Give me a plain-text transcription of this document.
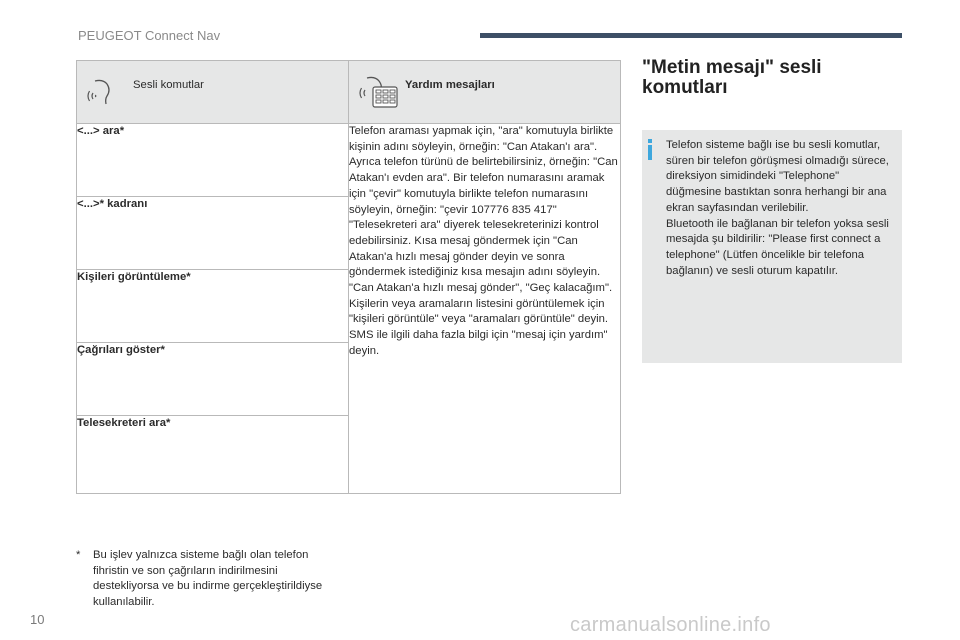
PEUGEOT Connect Nav
Sesli komutlar	Yardım mesajları

<...> ara*	Telefon araması yapmak için, "ara" komutuyla birlikte kişinin adını söyleyin, örneğin: "Can Atakan'ı ara". Ayrıca telefon türünü de belirtebilirsiniz, örneğin: "Can Atakan'ı evden ara". Bir telefon numarasını aramak için "çevir" komutuyla birlikte telefon numarasını söyleyin, örneğin: "çevir 107776 835 417" "Telesekreteri ara" diyerek telesekreterinizi kontrol edebilirsiniz. Kısa mesaj göndermek için "Can Atakan'a hızlı mesaj gönder deyin ve sonra göndermek istediğiniz kısa mesajın adını söyleyin. "Can Atakan'a hızlı mesaj gönder", "Geç kalacağım". Kişilerin veya aramaların listesini görüntülemek için "kişileri görüntüle" veya "aramaları görüntüle" deyin. SMS ile ilgili daha fazla bilgi için "mesaj için yardım" deyin.
<...>* kadranı	
Kişileri görüntüleme*	
Çağrıları göster*	
Telesekreteri ara*	
* Bu işlev yalnızca sisteme bağlı olan telefon fihristin ve son çağrıların indirilmesini destekliyorsa ve bu indirme gerçekleştirildiyse kullanılabilir.
"Metin mesajı" sesli komutları
Telefon sisteme bağlı ise bu sesli komutlar, süren bir telefon görüşmesi olmadığı sürece, direksiyon simidindeki "Telephone" düğmesine bastıktan sonra herhangi bir ana ekran sayfasından verilebilir.
Bluetooth ile bağlanan bir telefon yoksa sesli mesajda şu bildirilir: "Please first connect a telephone" (Lütfen öncelikle bir telefona bağlanın) ve sesli oturum kapatılır.
10	carmanualsonline.info
